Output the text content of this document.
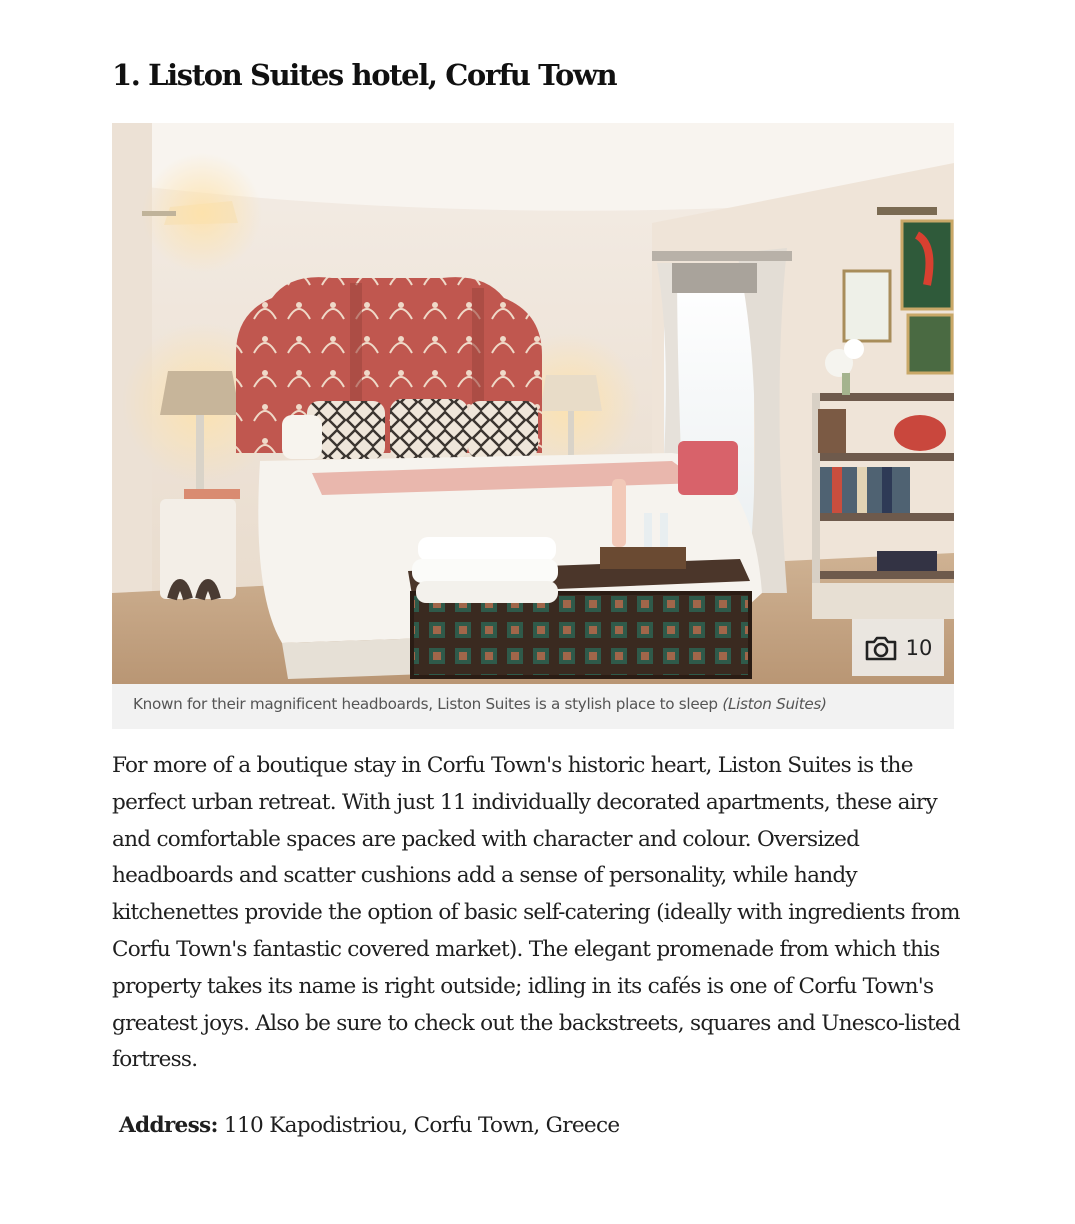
1. Liston Suites hotel, Corfu Town
10
Known for their magnificent headboards, Liston Suites is a stylish place to sleep (Liston Suites)

For more of a boutique stay in Corfu Town's historic heart, Liston Suites is the perfect urban retreat. With just 11 individually decorated apartments, these airy and comfortable spaces are packed with character and colour. Oversized headboards and scatter cushions add a sense of personality, while handy kitchenettes provide the option of basic self-catering (ideally with ingredients from Corfu Town's fantastic covered market). The elegant promenade from which this property takes its name is right outside; idling in its cafés is one of Corfu Town's greatest joys. Also be sure to check out the backstreets, squares and Unesco-listed fortress.

Address: 110 Kapodistriou, Corfu Town, Greece
